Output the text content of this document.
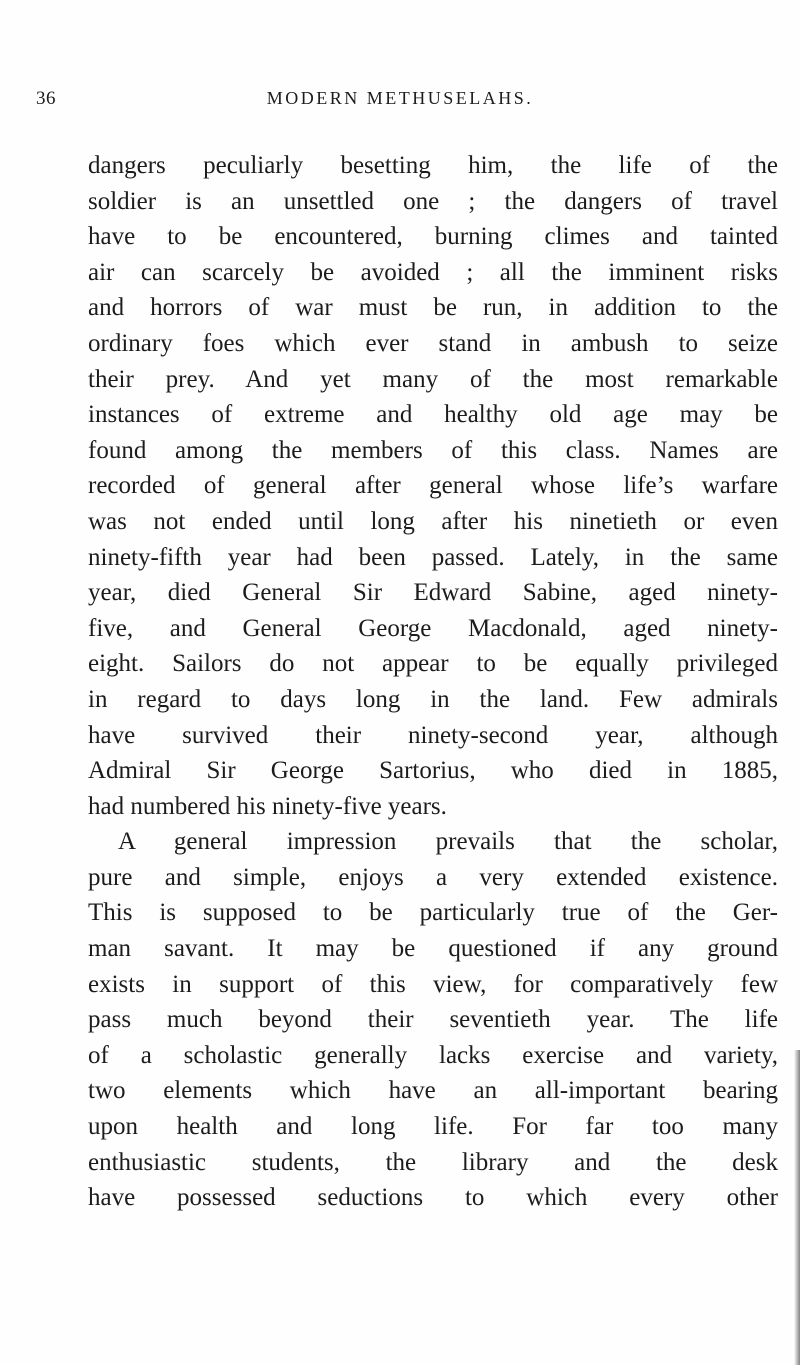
36	MODERN METHUSELAHS.
dangers peculiarly besetting him, the life of the
soldier is an unsettled one ; the dangers of travel
have to be encountered, burning climes and tainted
air can scarcely be avoided ; all the imminent risks
and horrors of war must be run, in addition to the
ordinary foes which ever stand in ambush to seize
their prey. And yet many of the most remarkable
instances of extreme and healthy old age may be
found among the members of this class. Names are
recorded of general after general whose life’s warfare
was not ended until long after his ninetieth or even
ninety-fifth year had been passed. Lately, in the same
year, died General Sir Edward Sabine, aged ninety-
five, and General George Macdonald, aged ninety-
eight. Sailors do not appear to be equally privileged
in regard to days long in the land. Few admirals
have survived their ninety-second year, although
Admiral Sir George Sartorius, who died in 1885,
had numbered his ninety-five years.
A general impression prevails that the scholar,
pure and simple, enjoys a very extended existence.
This is supposed to be particularly true of the Ger-
man savant. It may be questioned if any ground
exists in support of this view, for comparatively few
pass much beyond their seventieth year. The life
of a scholastic generally lacks exercise and variety,
two elements which have an all-important bearing
upon health and long life. For far too many
enthusiastic students, the library and the desk
have possessed seductions to which every other
